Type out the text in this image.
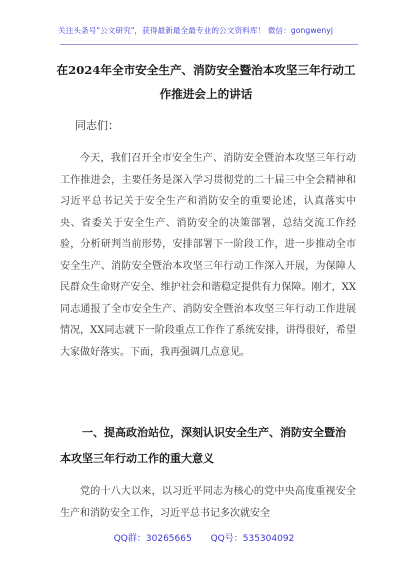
关注头条号"公文研究"，获得最新最全最专业的公文资料库！ 微信：gongwenyj
在2024年全市安全生产、消防安全暨治本攻坚三年行动工
作推进会上的讲话
同志们：

今天，我们召开全市安全生产、消防安全暨治本攻坚三年行动工作推进会，主要任务是深入学习贯彻党的二十届三中全会精神和习近平总书记关于安全生产和消防安全的重要论述，认真落实中央、省委关于安全生产、消防安全的决策部署，总结交流工作经验，分析研判当前形势，安排部署下一阶段工作，进一步推动全市安全生产、消防安全暨治本攻坚三年行动工作深入开展，为保障人民群众生命财产安全、维护社会和谐稳定提供有力保障。刚才，XX同志通报了全市安全生产、消防安全暨治本攻坚三年行动工作进展情况，XX同志就下一阶段重点工作作了系统安排，讲得很好，希望大家做好落实。下面，我再强调几点意见。

一、提高政治站位，深刻认识安全生产、消防安全暨治本攻坚三年行动工作的重大意义

党的十八大以来，以习近平同志为核心的党中央高度重视安全生产和消防安全工作，习近平总书记多次就安全

QQ群：30265665 QQ号：535304092
